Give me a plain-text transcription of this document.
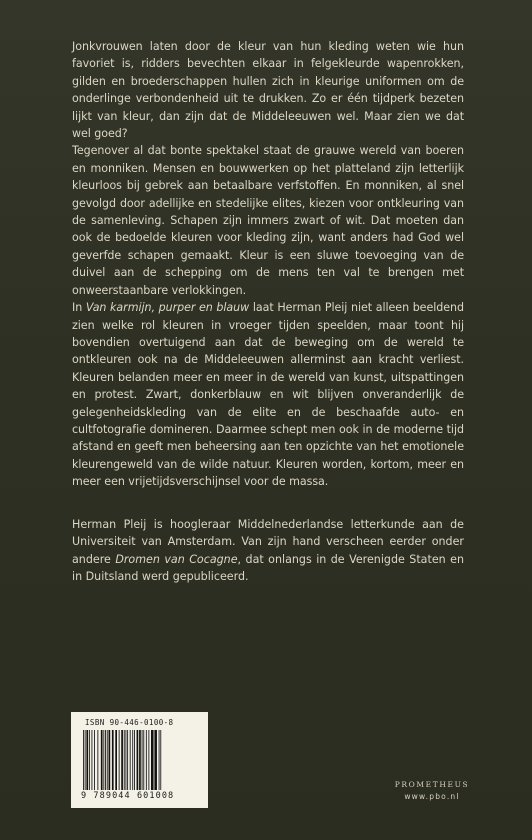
Jonkvrouwen laten door de kleur van hun kleding weten wie hun favoriet is, ridders bevechten elkaar in felgekleurde wapenrokken, gilden en broederschappen hullen zich in kleurige uniformen om de onderlinge verbondenheid uit te drukken. Zo er één tijdperk bezeten lijkt van kleur, dan zijn dat de Middeleeuwen wel. Maar zien we dat wel goed?

Tegenover al dat bonte spektakel staat de grauwe wereld van boeren en monniken. Mensen en bouwwerken op het platteland zijn letterlijk kleurloos bij gebrek aan betaalbare verfstoffen. En monniken, al snel gevolgd door adellijke en stedelijke elites, kiezen voor ontkleuring van de samenleving. Schapen zijn immers zwart of wit. Dat moeten dan ook de bedoelde kleuren voor kleding zijn, want anders had God wel geverfde schapen gemaakt. Kleur is een sluwe toevoeging van de duivel aan de schepping om de mens ten val te brengen met onweerstaanbare verlokkingen.

In Van karmijn, purper en blauw laat Herman Pleij niet alleen beeldend zien welke rol kleuren in vroeger tijden speelden, maar toont hij bovendien overtuigend aan dat de beweging om de wereld te ontkleuren ook na de Middeleeuwen allerminst aan kracht verliest. Kleuren belanden meer en meer in de wereld van kunst, uitspattingen en protest. Zwart, donkerblauw en wit blijven onveranderlijk de gelegenheidskleding van de elite en de beschaafde auto- en cultfotografie domineren. Daarmee schept men ook in de moderne tijd afstand en geeft men beheersing aan ten opzichte van het emotionele kleurengeweld van de wilde natuur. Kleuren worden, kortom, meer en meer een vrijetijdsverschijnsel voor de massa.

Herman Pleij is hoogleraar Middelnederlandse letterkunde aan de Universiteit van Amsterdam. Van zijn hand verscheen eerder onder andere Dromen van Cocagne, dat onlangs in de Verenigde Staten en in Duitsland werd gepubliceerd.

ISBN 90-446-0100-8
9 789044 601008
PROMETHEUS
www.pbo.nl
